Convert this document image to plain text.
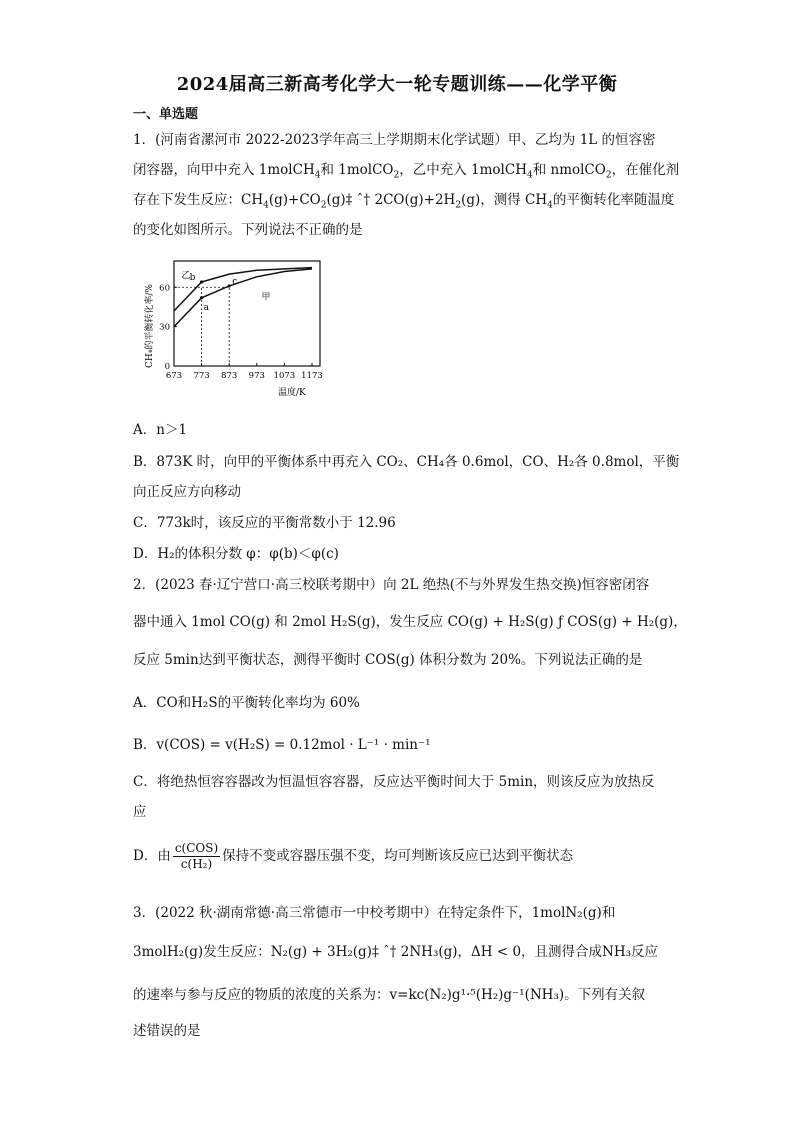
2024届高三新高考化学大一轮专题训练——化学平衡
一、单选题
1．(河南省漯河市 2022-2023学年高三上学期期末化学试题）甲、乙均为 1L 的恒容密
闭容器，向甲中充入 1molCH$_4$和 1molCO$_2$，乙中充入 1molCH$_4$和 nmolCO$_2$，在催化剂
存在下发生反应：$CH_4(g)+CO_2(g)\ddagger$ ˆ† $2CO(g)+2H_2(g)$，测得 $CH_4$的平衡转化率随温度
的变化如图所示。下列说法不正确的是
673 773 873 973 1073 1173
0
30
60
乙
甲
a
b	c
CH₄的平衡转化率/%
温度/K
A．n＞1
B．873K 时，向甲的平衡体系中再充入 CO₂、CH₄各 0.6mol，CO、H₂各 0.8mol，平衡
向正反应方向移动
C．773k时，该反应的平衡常数小于 12.96
D．H₂的体积分数 φ：φ(b)＜φ(c)
2．(2023 春·辽宁营口·高三校联考期中）向 2L 绝热(不与外界发生热交换)恒容密闭容
器中通入 1mol CO(g) 和 2mol H₂S(g)，发生反应 CO(g) + H₂S(g) ƒ COS(g) + H₂(g)，
反应 5min达到平衡状态，测得平衡时 COS(g) 体积分数为 20%。下列说法正确的是
A．CO和H₂S的平衡转化率均为 60%
B．v(COS) = v(H₂S) = 0.12mol · L⁻¹ · min⁻¹
C．将绝热恒容容器改为恒温恒容容器，反应达平衡时间大于 5min，则该反应为放热反
应
D．由 $\frac{\text{c(COS)}}{\text{c(H₂)}}$ 保持不变或容器压强不变，均可判断该反应已达到平衡状态
3．(2022 秋·湖南常德·高三常德市一中校考期中）在特定条件下，1molN₂(g)和
3molH₂(g)发生反应：N₂(g) + 3H₂(g)‡ ˆ† 2NH₃(g)，ΔH < 0，且测得合成NH₃反应
的速率与参与反应的物质的浓度的关系为：v=kc(N₂)g¹·⁵(H₂)g⁻¹(NH₃)。下列有关叙
述错误的是
